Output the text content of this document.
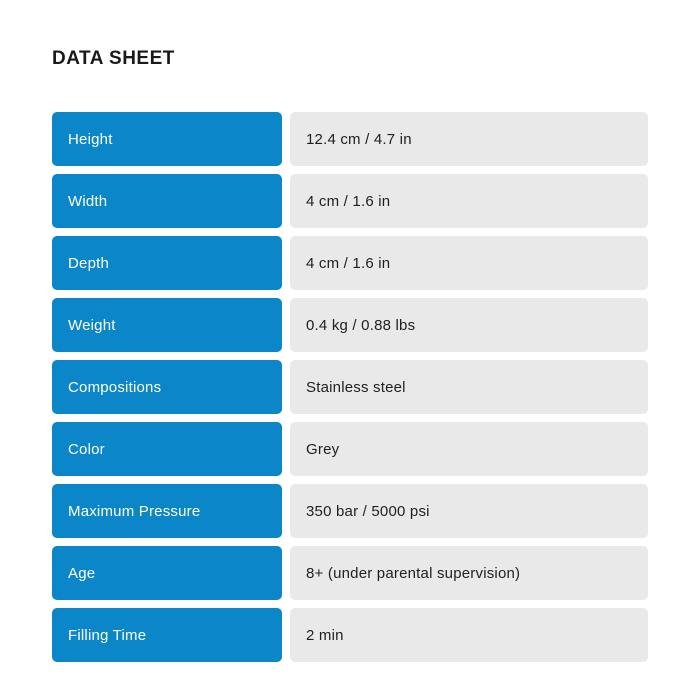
DATA SHEET
Height	12.4 cm / 4.7 in
Width	4 cm / 1.6 in
Depth	4 cm / 1.6 in
Weight	0.4 kg / 0.88 lbs
Compositions	Stainless steel
Color	Grey
Maximum Pressure	350 bar / 5000 psi
Age	8+ (under parental supervision)
Filling Time	2 min
